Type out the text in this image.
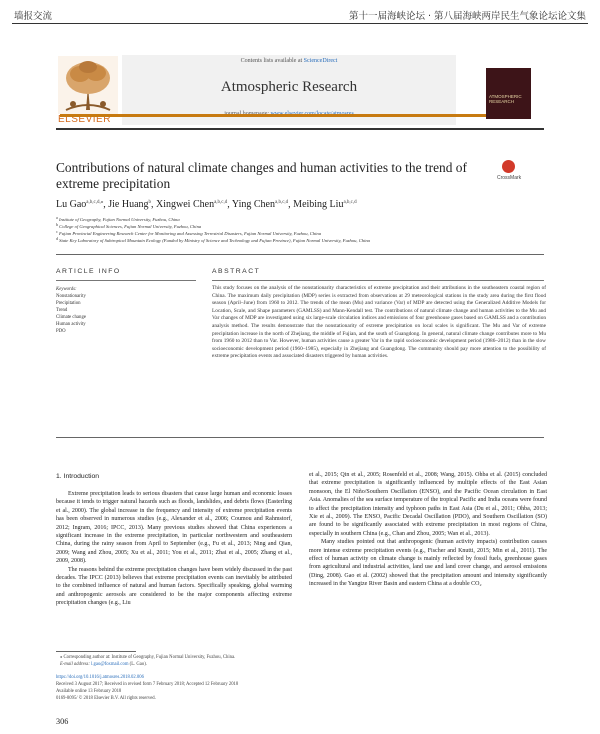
墙报交流	第十一届海峡论坛 · 第八届海峡两岸民生气象论坛论文集
ELSEVIER
Contents lists available at ScienceDirect
Atmospheric Research
journal homepage: www.elsevier.com/locate/atmosres
ATMOSPHERIC RESEARCH
Contributions of natural climate changes and human activities to the trend of extreme precipitation	CrossMark
Lu Gao$^{a,b,c,d,⁎}$, Jie Huang$^b$, Xingwei Chen$^{a,b,c,d}$, Ying Chen$^{a,b,c,d}$, Meibing Liu$^{a,b,c,d}$
$^a$ Institute of Geography, Fujian Normal University, Fuzhou, China
$^b$ College of Geographical Sciences, Fujian Normal University, Fuzhou, China
$^c$ Fujian Provincial Engineering Research Center for Monitoring and Assessing Terrestrial Disasters, Fujian Normal University, Fuzhou, China
$^d$ State Key Laboratory of Subtropical Mountain Ecology (Funded by Ministry of Science and Technology and Fujian Province), Fujian Normal University, Fuzhou, China
ARTICLE INFO	ABSTRACT
Keywords:
Nonstationarity
Precipitation
Trend
Climate change
Human activity
PDO
This study focuses on the analysis of the nonstationarity characteristics of extreme precipitation and their attributions in the southeastern coastal region of China. The maximum daily precipitation (MDP) series is extracted from observations at 29 meteorological stations in the study area during the first flood season (April–June) from 1960 to 2012. The trends of the mean (Mu) and variance (Var) of MDP are detected using the Generalized Additive Models for Location, Scale, and Shape parameters (GAMLSS) and Mann-Kendall test. The contributions of natural climate change and human activities to the Mu and Var changes of MDP are investigated using six large-scale circulation indices and emissions of four greenhouse gases based on GAMLSS and a contribution analysis method. The results demonstrate that the nonstationarity of extreme precipitation on local scales is significant. The Mu and Var of extreme precipitation increase in the north of Zhejiang, the middle of Fujian, and the south of Guangdong. In general, natural climate change contributes more to Mu from 1960 to 2012 than to Var. However, human activities cause a greater Var in the rapid socioeconomic development period (1986–2012) than in the slow socioeconomic development period (1960–1985), especially in Zhejiang and Guangdong. The community should pay more attention to the possibility of extreme precipitation events and associated disasters triggered by human activities.
1. Introduction

Extreme precipitation leads to serious disasters that cause large human and economic losses because it tends to trigger natural hazards such as floods, landslides, and debris flows (Easterling et al., 2000). The global increase in the frequency and intensity of extreme precipitation events has been observed in numerous studies (e.g., Alexander et al., 2006; Coumou and Rahmstorf, 2012; Ingram, 2016; IPCC, 2013). Many previous studies showed that China experiences a significant increase in the extreme precipitation, in particular northwestern and southeastern China, during the rainy season from April to September (e.g., Fu et al., 2013; Ning and Qian, 2009; Wang and Zhou, 2005; Xu et al., 2011; You et al., 2011; Zhai et al., 2005; Zhang et al., 2009, 2008).

The reasons behind the extreme precipitation changes have been widely discussed in the past decades. The IPCC (2013) believes that extreme precipitation events can inevitably be attributed to the combined influence of natural and human factors. Specifically speaking, global warming and anthropogenic aerosols are considered to be the major components affecting extreme precipitation changes (e.g., Liu

et al., 2015; Qin et al., 2005; Rosenfeld et al., 2008; Wang, 2015). Ohba et al. (2015) concluded that extreme precipitation is significantly influenced by multiple effects of the East Asian monsoon, the El Niño/Southern Oscillation (ENSO), and the Pacific Ocean circulation in East Asia. Anomalies of the sea surface temperature of the tropical Pacific and India oceans were found to affect the precipitation intensity and typhoon paths in East Asia (Du et al., 2011; Ohba, 2013; Xie et al., 2009). The ENSO, Pacific Decadal Oscillation (PDO), and Southern Oscillation (SO) are found to be significantly associated with extreme precipitation in most regions of China, especially in southern China (e.g., Chan and Zhou, 2005; Wan et al., 2013).

Many studies pointed out that anthropogenic (human activity impacts) contribution causes more intense extreme precipitation events (e.g., Fischer and Knutti, 2015; Min et al., 2011). The effect of human activity on climate change is mainly reflected by fossil fuels, greenhouse gases from agricultural and industrial activities, land use and land cover change, and aerosol emissions (Ding, 2008). Gao et al. (2002) showed that the precipitation amount and intensity significantly increased in the Yangtze River Basin and eastern China at a double CO₂

⁎ Corresponding author at: Institute of Geography, Fujian Normal University, Fuzhou, China.
E-mail address: l.gao@foxmail.com (L. Gao).
https://doi.org/10.1016/j.atmosres.2018.02.006
Received 3 August 2017; Received in revised form 7 February 2018; Accepted 12 February 2018
Available online 13 February 2018
0169-8095/ © 2018 Elsevier B.V. All rights reserved.
306
